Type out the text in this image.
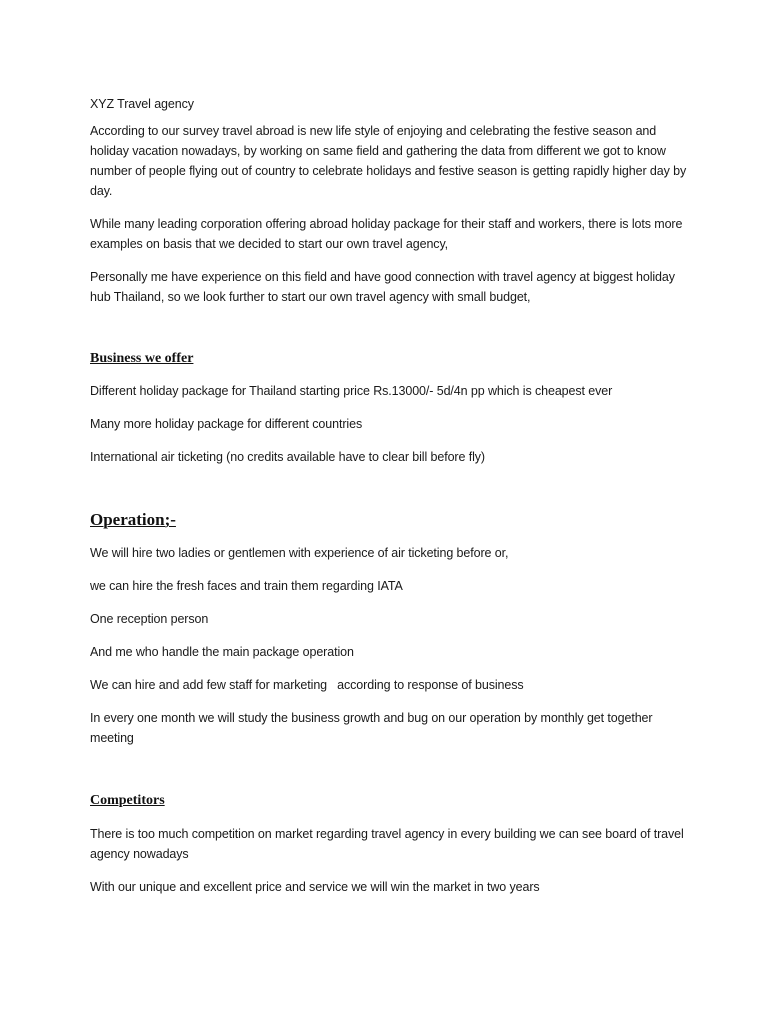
XYZ Travel agency

According to our survey travel abroad is new life style of enjoying and celebrating the festive season and holiday vacation nowadays, by working on same field and gathering the data from different we got to know number of people flying out of country to celebrate holidays and festive season is getting rapidly higher day by day.

While many leading corporation offering abroad holiday package for their staff and workers, there is lots more examples on basis that we decided to start our own travel agency,

Personally me have experience on this field and have good connection with travel agency at biggest holiday hub Thailand, so we look further to start our own travel agency with small budget,

Business we offer

Different holiday package for Thailand starting price Rs.13000/- 5d/4n pp which is cheapest ever

Many more holiday package for different countries

International air ticketing (no credits available have to clear bill before fly)

Operation;-

We will hire two ladies or gentlemen with experience of air ticketing before or,

we can hire the fresh faces and train them regarding IATA

One reception person

And me who handle the main package operation

We can hire and add few staff for marketing   according to response of business

In every one month we will study the business growth and bug on our operation by monthly get together meeting

Competitors

There is too much competition on market regarding travel agency in every building we can see board of travel agency nowadays

With our unique and excellent price and service we will win the market in two years
